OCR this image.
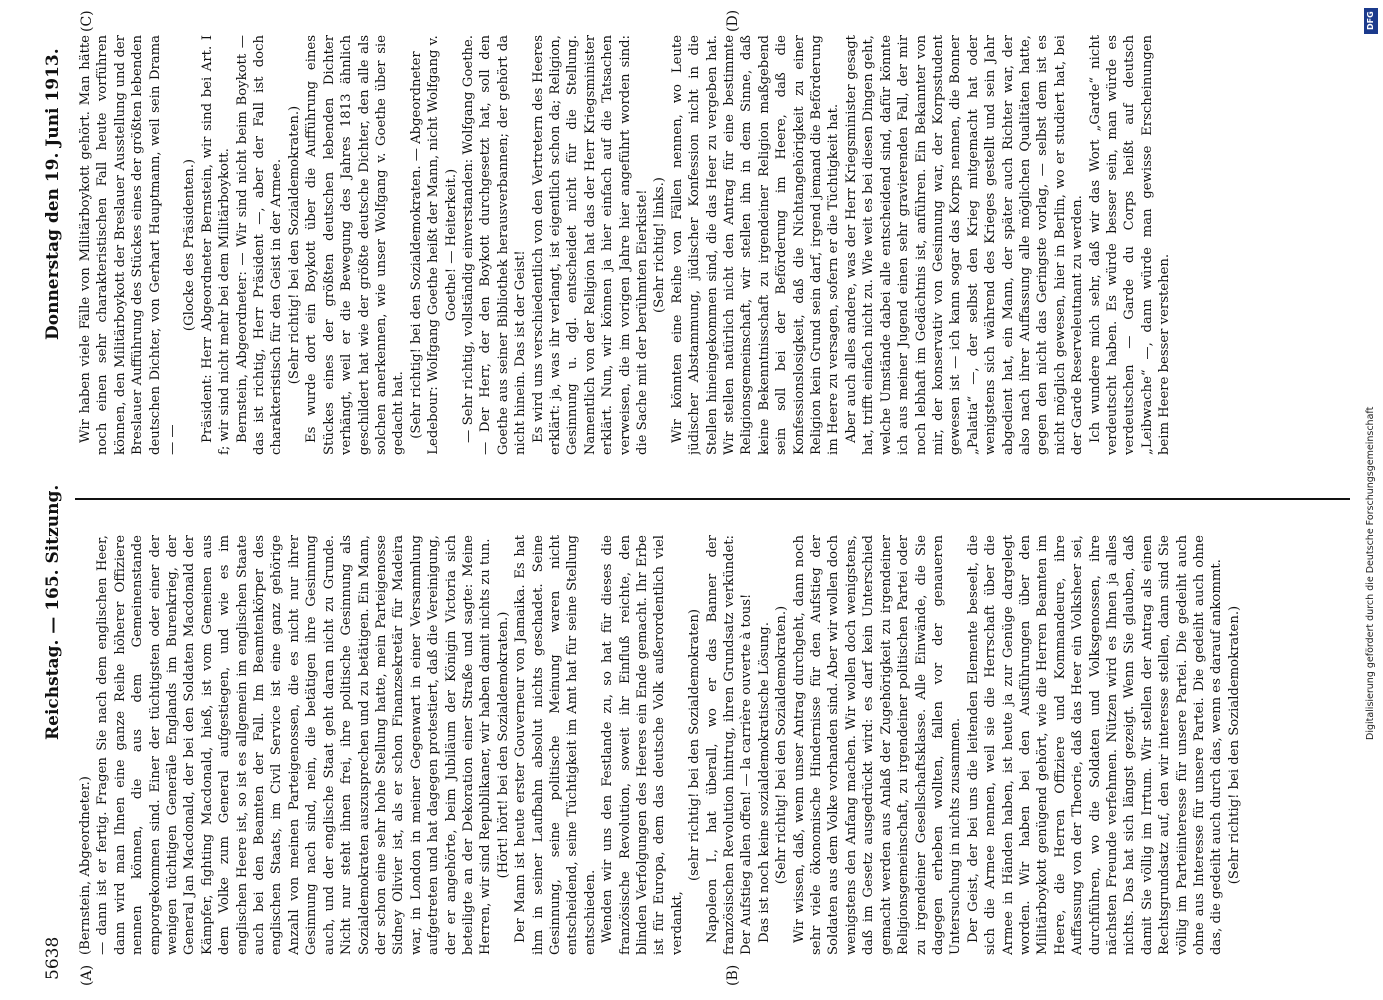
5638
Reichstag. — 165. Sitzung.
Donnerstag den 19. Juni 1913.
(A)	(B)
(C)	(D)

(Bernstein, Abgeordneter.) — dann ist er fertig. Fragen Sie nach dem englischen Heer, dann wird man Ihnen eine ganze Reihe höherer Offiziere nennen können, die aus dem Gemeinenstande emporgekommen sind. Einer der tüchtigsten oder einer der wenigen tüchtigen Generäle Englands im Burenkrieg, der General Jan Macdonald, der bei den Soldaten Macdonald der Kämpfer, fighting Macdonald, hieß, ist vom Gemeinen aus dem Volke zum General aufgestiegen, und wie es im englischen Heere ist, so ist es allgemein im englischen Staate auch bei den Beamten der Fall. Im Beamtenkörper des englischen Staats, im Civil Service ist eine ganz gehörige Anzahl von meinen Parteigenossen, die es nicht nur ihrer Gesinnung nach sind, nein, die betätigen ihre Gesinnung auch, und der englische Staat geht daran nicht zu Grunde. Nicht nur steht ihnen frei, ihre politische Gesinnung als Sozialdemokraten auszusprechen und zu betätigen. Ein Mann, der schon eine sehr hohe Stellung hatte, mein Parteigenosse Sidney Olivier ist, als er schon Finanzsekretär für Madeira war, in London in meiner Gegenwart in einer Versammlung aufgetreten und hat dagegen protestiert, daß die Vereinigung, der er angehörte, beim Jubiläum der Königin Victoria sich beteiligte an der Dekoration einer Straße und sagte: Meine Herren, wir sind Republikaner, wir haben damit nichts zu tun. (Hört! hört! bei den Sozialdemokraten.) Der Mann ist heute erster Gouverneur von Jamaika. Es hat ihm in seiner Laufbahn absolut nichts geschadet. Seine Gesinnung, seine politische Meinung waren nicht entscheidend, seine Tüchtigkeit im Amt hat für seine Stellung entschieden. Wenden wir uns den Festlande zu, so hat für dieses die französische Revolution, soweit ihr Einfluß reichte, den blinden Verfolgungen des Heeres ein Ende gemacht. Ihr Erbe ist für Europa, dem das deutsche Volk außerordentlich viel verdankt,

(sehr richtig! bei den Sozialdemokraten) Napoleon I., hat überall, wo er das Banner der französischen Revolution hintrug, ihren Grundsatz verkündet: Der Aufstieg allen offen! — la carrière ouverte à tous! Das ist noch keine sozialdemokratische Lösung. (Sehr richtig! bei den Sozialdemokraten.) Wir wissen, daß, wenn unser Antrag durchgeht, dann noch sehr viele ökonomische Hindernisse für den Aufstieg der Soldaten aus dem Volke vorhanden sind. Aber wir wollen doch wenigstens den Anfang machen. Wir wollen doch wenigstens, daß im Gesetz ausgedrückt wird: es darf kein Unterschied gemacht werden aus Anlaß der Zugehörigkeit zu irgendeiner Religionsgemeinschaft, zu irgendeiner politischen Partei oder zu irgendeiner Gesellschaftsklasse. Alle Einwände, die Sie dagegen erheben wollten, fallen vor der genaueren Untersuchung in nichts zusammen. Der Geist, der bei uns die leitenden Elemente beseelt, die sich die Armee nennen, weil sie die Herrschaft über die Armee in Händen haben, ist heute ja zur Genüge dargelegt worden. Wir haben bei den Ausführungen über den Militärboykott genügend gehört, wie die Herren Beamten im Heere, die Herren Offiziere und Kommandeure, ihre Auffassung von der Theorie, daß das Heer ein Volksheer sei, durchführen, wo die Soldaten und Volksgenossen, ihre nächsten Freunde verfehmen. Nützen wird es Ihnen ja alles nichts. Das hat sich längst gezeigt. Wenn Sie glauben, daß damit Sie völlig im Irrtum. Wir stellen der Antrag als einen Rechtsgrundsatz auf, den wir interesse stellen, dann sind Sie völlig im Parteiinteresse für unsere Partei. Die gedeiht auch ohne aus Interesse für unsere Partei. Die gedeiht auch ohne das, die gedeiht auch durch das, wenn es darauf ankommt. (Sehr richtig! bei den Sozialdemokraten.)

Wir haben viele Fälle von Militärboykott gehört. Man hätte noch einen sehr charakteristischen Fall heute vorführen können, den Militärboykott der Breslauer Ausstellung und der Breslauer Aufführung des Stückes eines der größten lebenden deutschen Dichter, von Gerhart Hauptmann, weil sein Drama — —

(Glocke des Präsidenten.) Präsident: Herr Abgeordneter Bernstein, wir sind bei Art. I f; wir sind nicht mehr bei dem Militärboykott. Bernstein, Abgeordneter: — Wir sind nicht beim Boykott — das ist richtig, Herr Präsident —, aber der Fall ist doch charakteristisch für den Geist in der Armee. (Sehr richtig! bei den Sozialdemokraten.) Es wurde dort ein Boykott über die Aufführung eines Stückes eines der größten deutschen lebenden Dichter verhängt, weil er die Bewegung des Jahres 1813 ähnlich geschildert hat wie der größte deutsche Dichter, den alle als solchen anerkennen, wie unser Wolfgang v. Goethe über sie gedacht hat. (Sehr richtig! bei den Sozialdemokraten. — Abgeordneter Ledebour: Wolfgang Goethe heißt der Mann, nicht Wolfgang v. Goethe! — Heiterkeit.) — Sehr richtig, vollständig einverstanden: Wolfgang Goethe. — Der Herr, der den Boykott durchgesetzt hat, soll den Goethe aus seiner Bibliothek herausverbannen; der gehört da nicht hinein. Das ist der Geist! Es wird uns verschiedentlich von den Vertretern des Heeres erklärt: ja, was ihr verlangt, ist eigentlich schon da; Religion, Gesinnung u. dgl. entscheidet nicht für die Stellung. Namentlich von der Religion hat das der Herr Kriegsminister erklärt. Nun, wir können ja hier einfach auf die Tatsachen verweisen, die im vorigen Jahre hier angeführt worden sind: die Sache mit der berühmten Eierkiste! (Sehr richtig! links.) Wir könnten eine Reihe von Fällen nennen, wo Leute jüdischer Abstammung, jüdischer Konfession nicht in die Stellen hineingekommen sind, die das Heer zu vergeben hat. Wir stellen natürlich nicht den Antrag für eine bestimmte Religionsgemeinschaft, wir stellen ihn in dem Sinne, daß keine Bekenntnisschaft zu irgendeiner Religion maßgebend sein soll bei der Beförderung im Heere, daß die Konfessionslosigkeit, daß die Nichtangehörigkeit zu einer Religion kein Grund sein darf, irgend jemand die Beförderung im Heere zu versagen, sofern er die Tüchtigkeit hat. Aber auch alles andere, was der Herr Kriegsminister gesagt hat, trifft einfach nicht zu. Wie weit es bei diesen Dingen geht, welche Umstände dabei alle entscheidend sind, dafür könnte ich aus meiner Jugend einen sehr gravierenden Fall, der mir noch lebhaft im Gedächtnis ist, anführen. Ein Bekannter von mir, der konservativ von Gesinnung war, der Korpsstudent gewesen ist — ich kann sogar das Korps nennen, die Bonner „Palatia“ —, der selbst den Krieg mitgemacht hat oder wenigstens sich während des Krieges gestellt und sein Jahr abgedient hat, ein Mann, der später auch Richter war, der also nach ihrer Auffassung alle möglichen Qualitäten hatte, gegen den nicht das Geringste vorlag, — selbst dem ist es nicht möglich gewesen, hier in Berlin, wo er studiert hat, bei der Garde Reserveleutnant zu werden. Ich wundere mich sehr, daß wir das Wort „Garde“ nicht verdeutscht haben. Es würde besser sein, man würde es verdeutschen — Garde du Corps heißt auf deutsch „Leibwache“ —, dann würde man gewisse Erscheinungen beim Heere besser verstehen.

DFG
Digitalisierung gefördert durch die Deutsche Forschungsgemeinschaft
